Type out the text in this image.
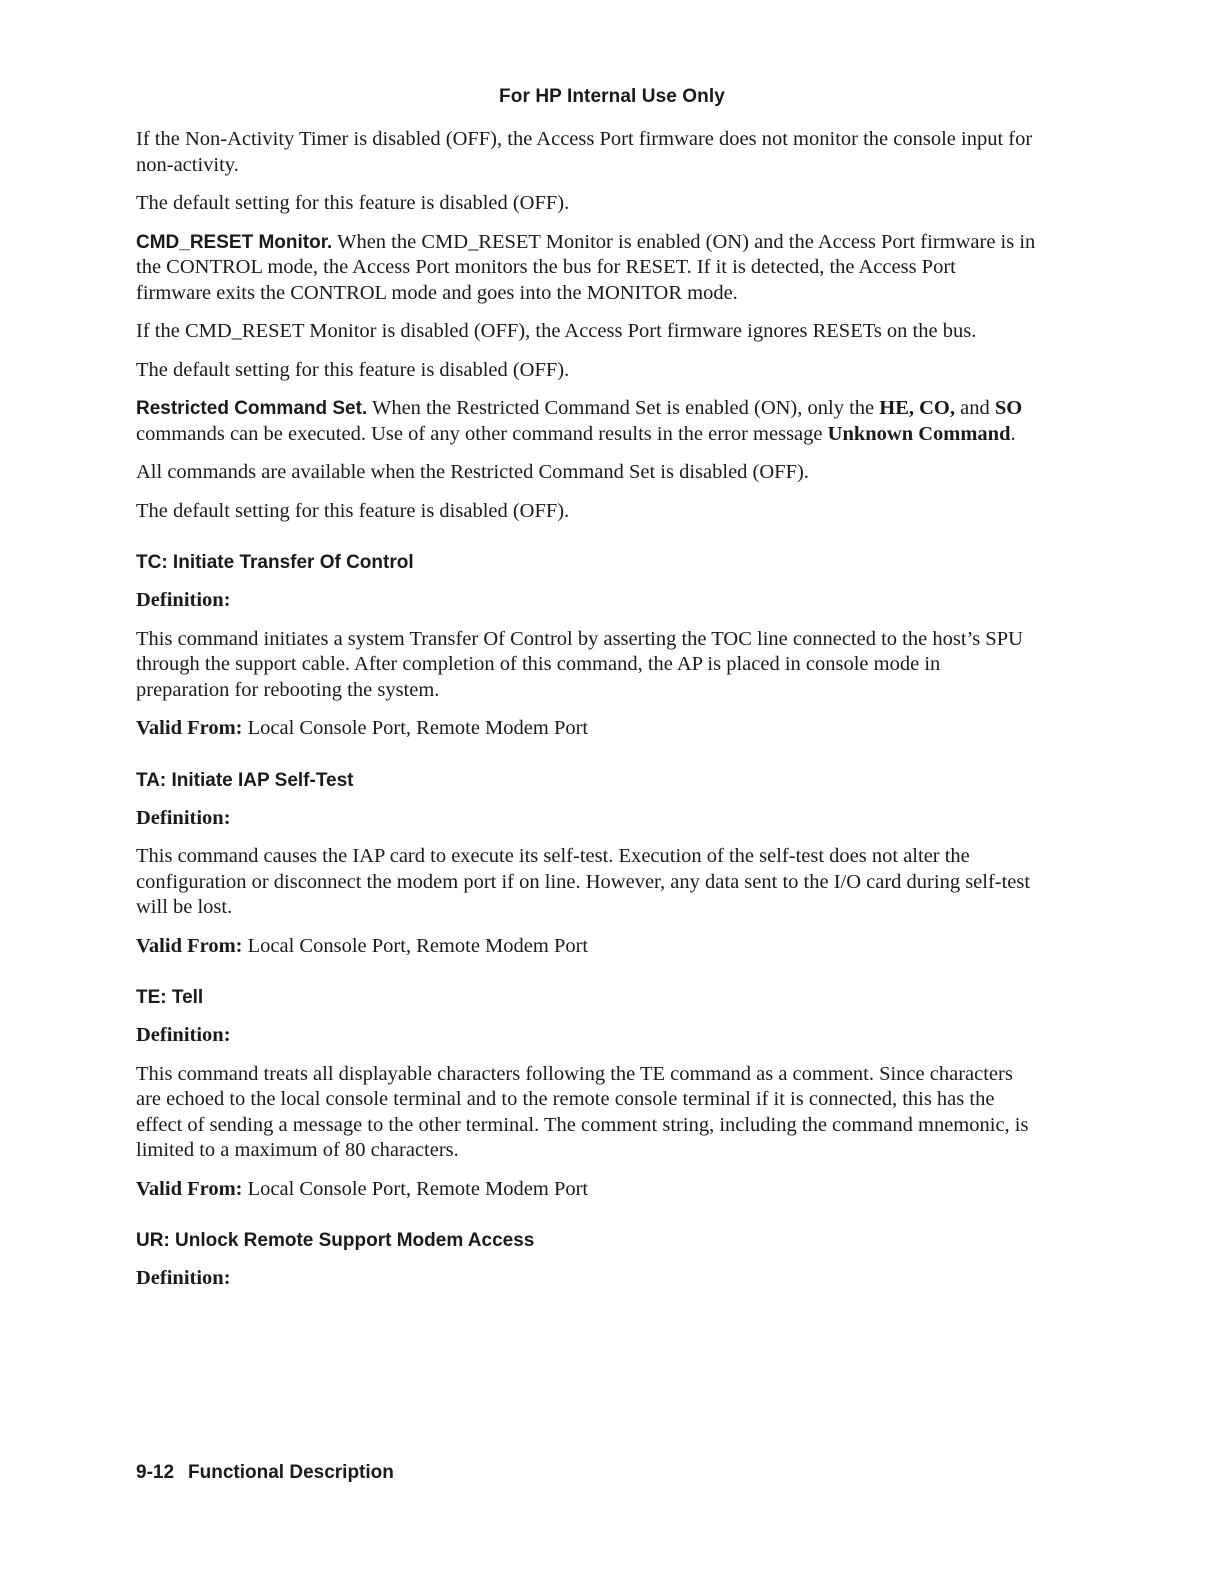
For HP Internal Use Only

If the Non-Activity Timer is disabled (OFF), the Access Port firmware does not monitor the console input for non-activity.

The default setting for this feature is disabled (OFF).

CMD_RESET Monitor. When the CMD_RESET Monitor is enabled (ON) and the Access Port firmware is in the CONTROL mode, the Access Port monitors the bus for RESET. If it is detected, the Access Port firmware exits the CONTROL mode and goes into the MONITOR mode.

If the CMD_RESET Monitor is disabled (OFF), the Access Port firmware ignores RESETs on the bus.

The default setting for this feature is disabled (OFF).

Restricted Command Set. When the Restricted Command Set is enabled (ON), only the HE, CO, and SO commands can be executed. Use of any other command results in the error message Unknown Command.

All commands are available when the Restricted Command Set is disabled (OFF).

The default setting for this feature is disabled (OFF).

TC: Initiate Transfer Of Control

Definition:

This command initiates a system Transfer Of Control by asserting the TOC line connected to the host’s SPU through the support cable. After completion of this command, the AP is placed in console mode in preparation for rebooting the system.

Valid From: Local Console Port, Remote Modem Port

TA: Initiate IAP Self-Test

Definition:

This command causes the IAP card to execute its self-test. Execution of the self-test does not alter the configuration or disconnect the modem port if on line. However, any data sent to the I/O card during self-test will be lost.

Valid From: Local Console Port, Remote Modem Port

TE: Tell

Definition:

This command treats all displayable characters following the TE command as a comment. Since characters are echoed to the local console terminal and to the remote console terminal if it is connected, this has the effect of sending a message to the other terminal. The comment string, including the command mnemonic, is limited to a maximum of 80 characters.

Valid From: Local Console Port, Remote Modem Port

UR: Unlock Remote Support Modem Access

Definition:

9-12 Functional Description
